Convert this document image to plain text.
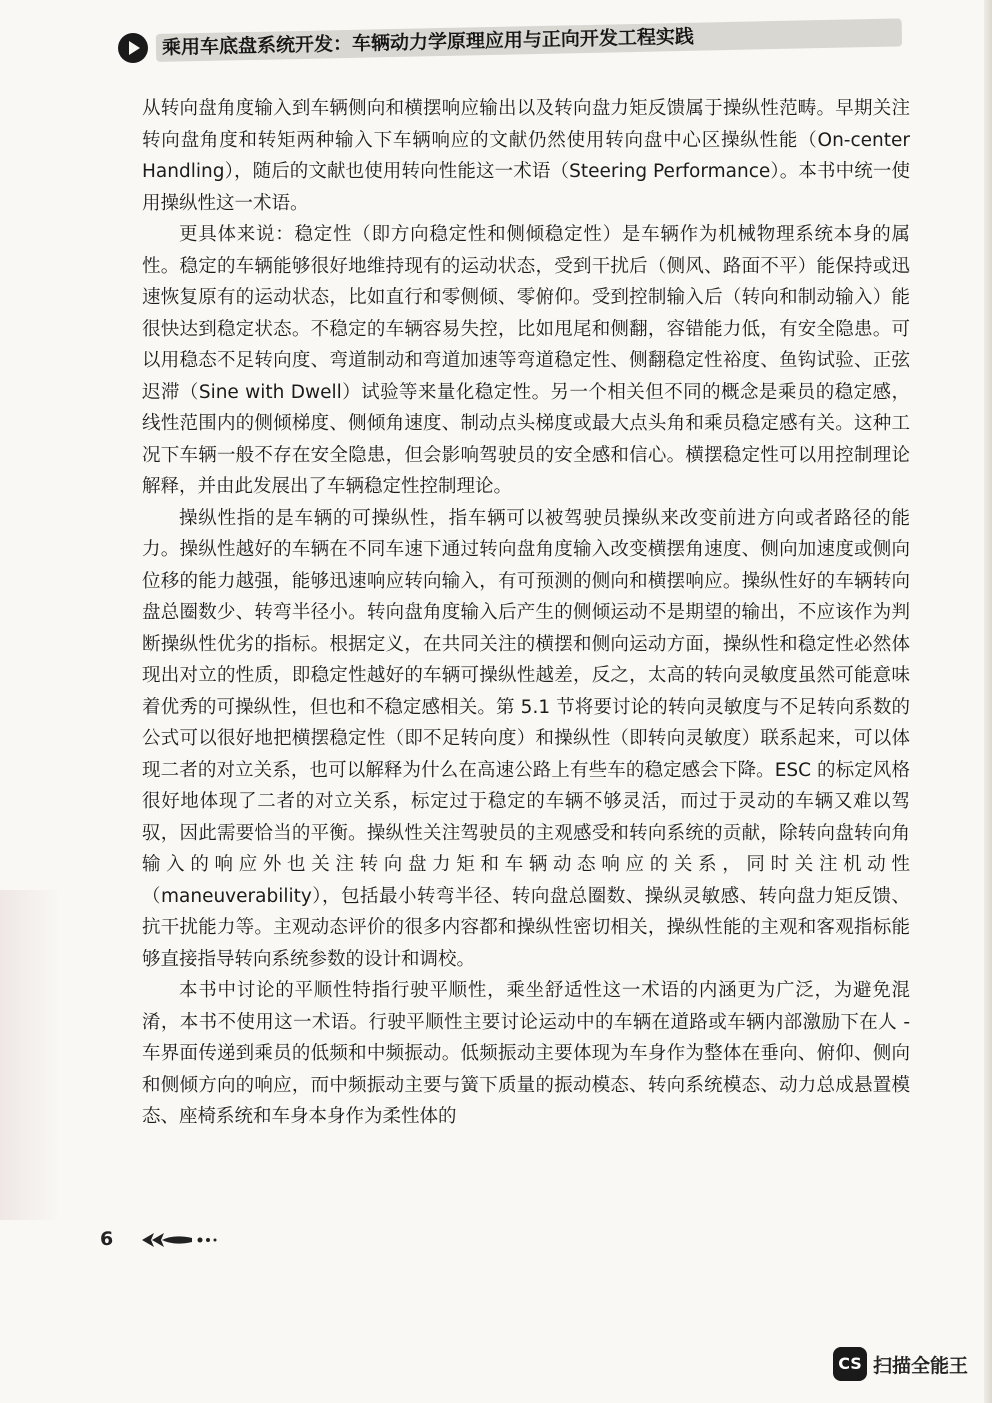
乘用车底盘系统开发：车辆动力学原理应用与正向开发工程实践

从转向盘角度输入到车辆侧向和横摆响应输出以及转向盘力矩反馈属于操纵性范畴。早期关注转向盘角度和转矩两种输入下车辆响应的文献仍然使用转向盘中心区操纵性能（On-center Handling），随后的文献也使用转向性能这一术语（Steering Performance）。本书中统一使用操纵性这一术语。

更具体来说：稳定性（即方向稳定性和侧倾稳定性）是车辆作为机械物理系统本身的属性。稳定的车辆能够很好地维持现有的运动状态，受到干扰后（侧风、路面不平）能保持或迅速恢复原有的运动状态，比如直行和零侧倾、零俯仰。受到控制输入后（转向和制动输入）能很快达到稳定状态。不稳定的车辆容易失控，比如甩尾和侧翻，容错能力低，有安全隐患。可以用稳态不足转向度、弯道制动和弯道加速等弯道稳定性、侧翻稳定性裕度、鱼钩试验、正弦迟滞（Sine with Dwell）试验等来量化稳定性。另一个相关但不同的概念是乘员的稳定感，线性范围内的侧倾梯度、侧倾角速度、制动点头梯度或最大点头角和乘员稳定感有关。这种工况下车辆一般不存在安全隐患，但会影响驾驶员的安全感和信心。横摆稳定性可以用控制理论解释，并由此发展出了车辆稳定性控制理论。

操纵性指的是车辆的可操纵性，指车辆可以被驾驶员操纵来改变前进方向或者路径的能力。操纵性越好的车辆在不同车速下通过转向盘角度输入改变横摆角速度、侧向加速度或侧向位移的能力越强，能够迅速响应转向输入，有可预测的侧向和横摆响应。操纵性好的车辆转向盘总圈数少、转弯半径小。转向盘角度输入后产生的侧倾运动不是期望的输出，不应该作为判断操纵性优劣的指标。根据定义，在共同关注的横摆和侧向运动方面，操纵性和稳定性必然体现出对立的性质，即稳定性越好的车辆可操纵性越差，反之，太高的转向灵敏度虽然可能意味着优秀的可操纵性，但也和不稳定感相关。第 5.1 节将要讨论的转向灵敏度与不足转向系数的公式可以很好地把横摆稳定性（即不足转向度）和操纵性（即转向灵敏度）联系起来，可以体现二者的对立关系，也可以解释为什么在高速公路上有些车的稳定感会下降。ESC 的标定风格很好地体现了二者的对立关系，标定过于稳定的车辆不够灵活，而过于灵动的车辆又难以驾驭，因此需要恰当的平衡。操纵性关注驾驶员的主观感受和转向系统的贡献，除转向盘转向角输入的响应外也关注转向盘力矩和车辆动态响应的关系，同时关注机动性（maneuverability），包括最小转弯半径、转向盘总圈数、操纵灵敏感、转向盘力矩反馈、抗干扰能力等。主观动态评价的很多内容都和操纵性密切相关，操纵性能的主观和客观指标能够直接指导转向系统参数的设计和调校。

本书中讨论的平顺性特指行驶平顺性，乘坐舒适性这一术语的内涵更为广泛，为避免混淆，本书不使用这一术语。行驶平顺性主要讨论运动中的车辆在道路或车辆内部激励下在人 - 车界面传递到乘员的低频和中频振动。低频振动主要体现为车身作为整体在垂向、俯仰、侧向和侧倾方向的响应，而中频振动主要与簧下质量的振动模态、转向系统模态、动力总成悬置模态、座椅系统和车身本身作为柔性体的

6
CS 扫描全能王
